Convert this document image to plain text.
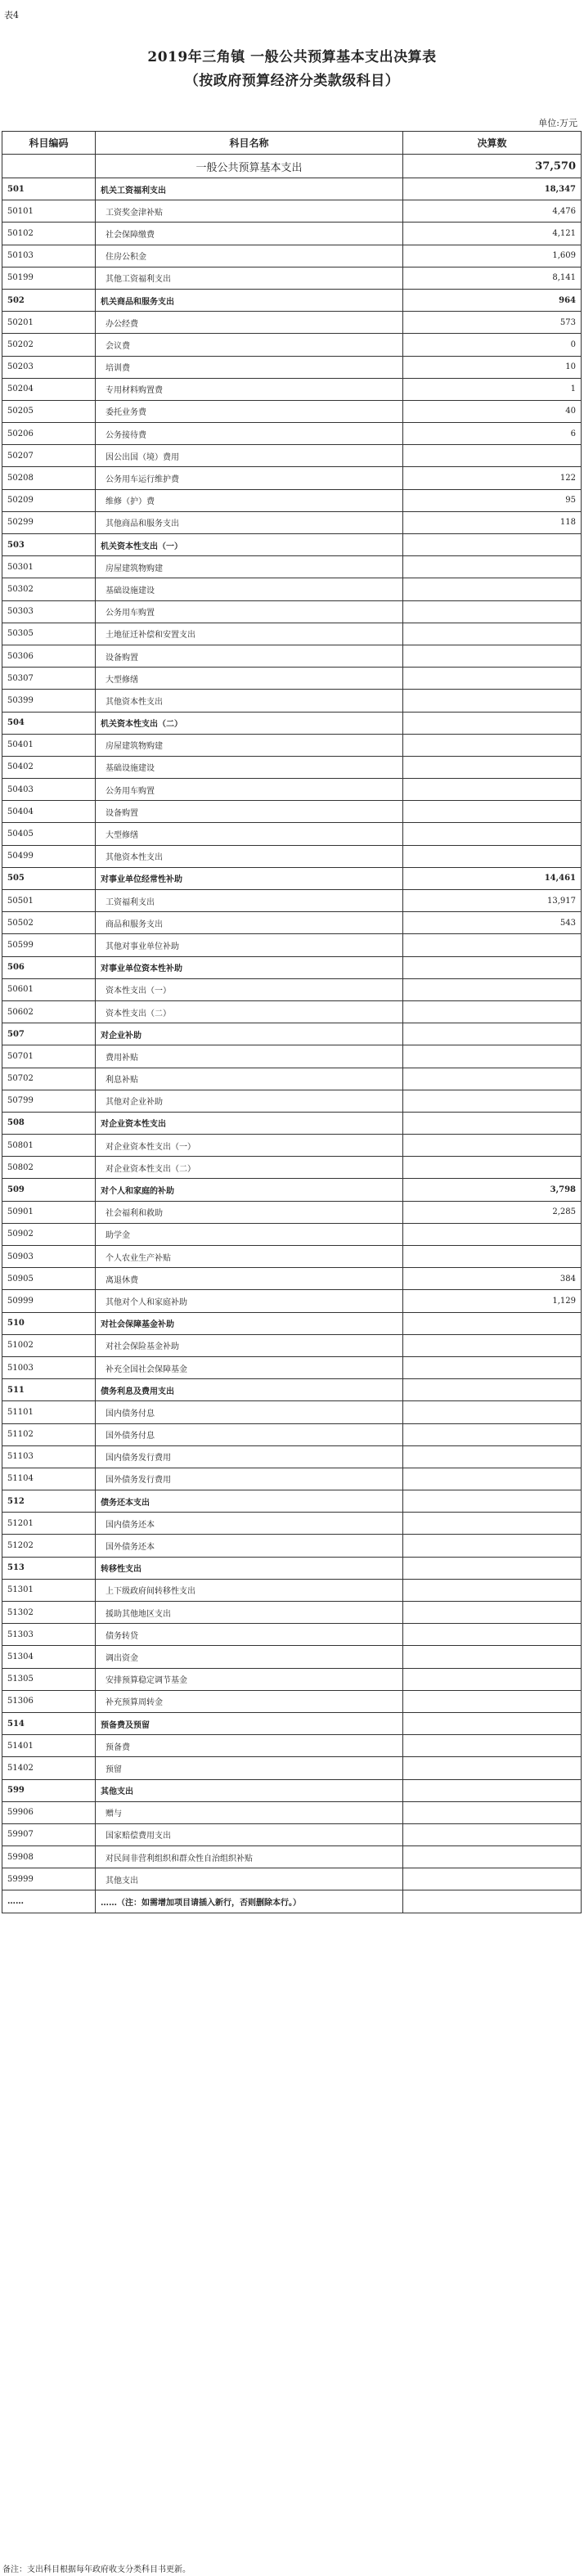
表4
2019年三角镇 一般公共预算基本支出决算表
（按政府预算经济分类款级科目）
单位:万元
科目编码	科目名称	决算数
	一般公共预算基本支出	37,570
501	机关工资福利支出	18,347
50101	工资奖金津补贴	4,476
50102	社会保障缴费	4,121
50103	住房公积金	1,609
50199	其他工资福利支出	8,141
502	机关商品和服务支出	964
50201	办公经费	573
50202	会议费	0
50203	培训费	10
50204	专用材料购置费	1
50205	委托业务费	40
50206	公务接待费	6
50207	因公出国（境）费用	
50208	公务用车运行维护费	122
50209	维修（护）费	95
50299	其他商品和服务支出	118
503	机关资本性支出（一）	
50301	房屋建筑物购建	
50302	基础设施建设	
50303	公务用车购置	
50305	土地征迁补偿和安置支出	
50306	设备购置	
50307	大型修缮	
50399	其他资本性支出	
504	机关资本性支出（二）	
50401	房屋建筑物购建	
50402	基础设施建设	
50403	公务用车购置	
50404	设备购置	
50405	大型修缮	
50499	其他资本性支出	
505	对事业单位经常性补助	14,461
50501	工资福利支出	13,917
50502	商品和服务支出	543
50599	其他对事业单位补助	
506	对事业单位资本性补助	
50601	资本性支出（一）	
50602	资本性支出（二）	
507	对企业补助	
50701	费用补贴	
50702	利息补贴	
50799	其他对企业补助	
508	对企业资本性支出	
50801	对企业资本性支出（一）	
50802	对企业资本性支出（二）	
509	对个人和家庭的补助	3,798
50901	社会福利和救助	2,285
50902	助学金	
50903	个人农业生产补贴	
50905	离退休费	384
50999	其他对个人和家庭补助	1,129
510	对社会保障基金补助	
51002	对社会保险基金补助	
51003	补充全国社会保障基金	
511	债务利息及费用支出	
51101	国内债务付息	
51102	国外债务付息	
51103	国内债务发行费用	
51104	国外债务发行费用	
512	债务还本支出	
51201	国内债务还本	
51202	国外债务还本	
513	转移性支出	
51301	上下级政府间转移性支出	
51302	援助其他地区支出	
51303	债务转贷	
51304	调出资金	
51305	安排预算稳定调节基金	
51306	补充预算周转金	
514	预备费及预留	
51401	预备费	
51402	预留	
599	其他支出	
59906	赠与	
59907	国家赔偿费用支出	
59908	对民间非营利组织和群众性自治组织补贴	
59999	其他支出	
……	……（注：如需增加项目请插入新行，否则删除本行。）	
备注：支出科目根据每年政府收支分类科目书更新。
